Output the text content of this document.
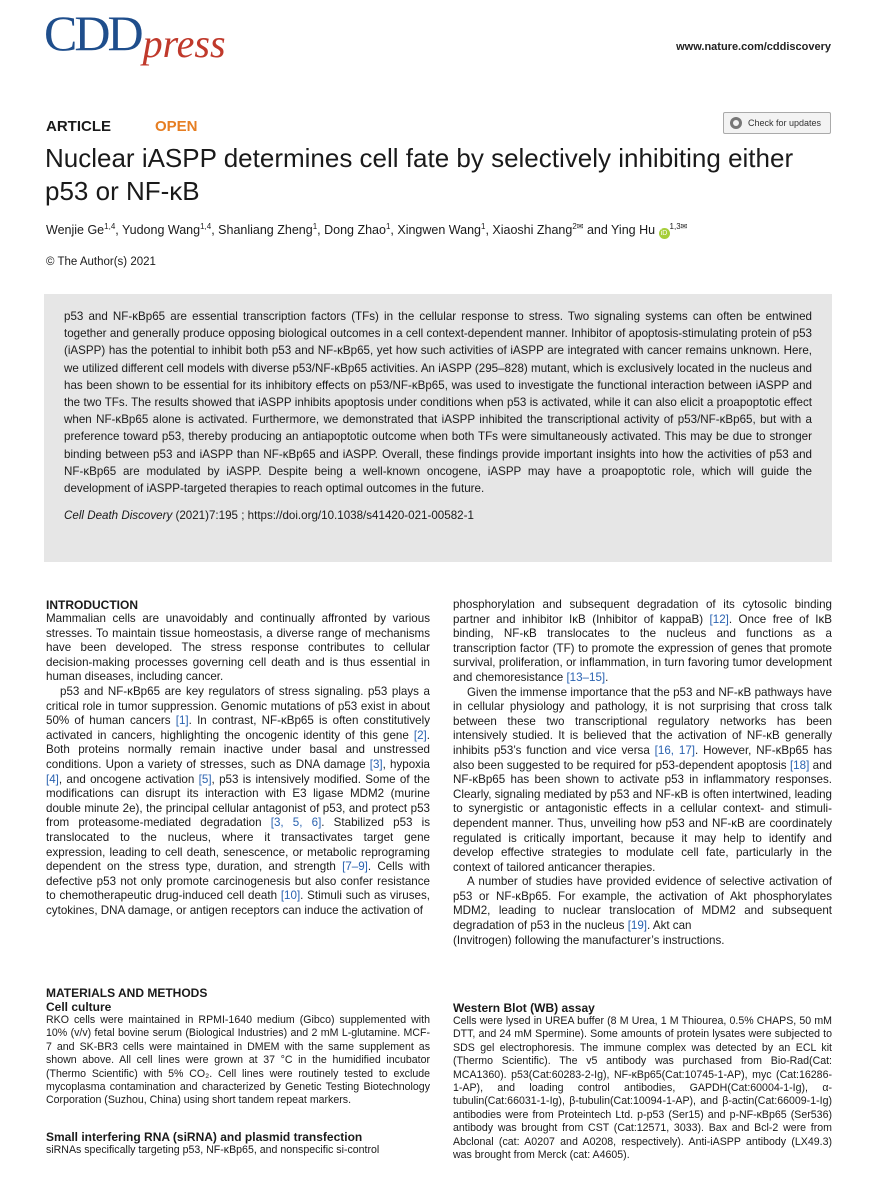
CDD press	www.nature.com/cddiscovery
ARTICLE	OPEN	Check for updates
Nuclear iASPP determines cell fate by selectively inhibiting either p53 or NF-κB
Wenjie Ge$^{1,4}$, Yudong Wang$^{1,4}$, Shanliang Zheng$^1$, Dong Zhao$^1$, Xingwen Wang$^1$, Xiaoshi Zhang$^{2✉}$ and Ying Hu $iD^{1,3✉}$
© The Author(s) 2021

p53 and NF-κBp65 are essential transcription factors (TFs) in the cellular response to stress. Two signaling systems can often be entwined together and generally produce opposing biological outcomes in a cell context-dependent manner. Inhibitor of apoptosis-stimulating protein of p53 (iASPP) has the potential to inhibit both p53 and NF-κBp65, yet how such activities of iASPP are integrated with cancer remains unknown. Here, we utilized different cell models with diverse p53/NF-κBp65 activities. An iASPP (295–828) mutant, which is exclusively located in the nucleus and has been shown to be essential for its inhibitory effects on p53/NF-κBp65, was used to investigate the functional interaction between iASPP and the two TFs. The results showed that iASPP inhibits apoptosis under conditions when p53 is activated, while it can also elicit a proapoptotic effect when NF-κBp65 alone is activated. Furthermore, we demonstrated that iASPP inhibited the transcriptional activity of p53/NF-κBp65, but with a preference toward p53, thereby producing an antiapoptotic outcome when both TFs were simultaneously activated. This may be due to stronger binding between p53 and iASPP than NF-κBp65 and iASPP. Overall, these findings provide important insights into how the activities of p53 and NF-κBp65 are modulated by iASPP. Despite being a well-known oncogene, iASPP may have a proapoptotic role, which will guide the development of iASPP-targeted therapies to reach optimal outcomes in the future.

Cell Death Discovery (2021)7:195 ; https://doi.org/10.1038/s41420-021-00582-1

INTRODUCTION

Mammalian cells are unavoidably and continually affronted by various stresses. To maintain tissue homeostasis, a diverse range of mechanisms have been developed. The stress response contributes to cellular decision-making processes governing cell death and is thus essential in human diseases, including cancer.

p53 and NF-κBp65 are key regulators of stress signaling. p53 plays a critical role in tumor suppression. Genomic mutations of p53 exist in about 50% of human cancers [1]. In contrast, NF-κBp65 is often constitutively activated in cancers, highlighting the oncogenic identity of this gene [2]. Both proteins normally remain inactive under basal and unstressed conditions. Upon a variety of stresses, such as DNA damage [3], hypoxia [4], and oncogene activation [5], p53 is intensively modified. Some of the modifications can disrupt its interaction with E3 ligase MDM2 (murine double minute 2e), the principal cellular antagonist of p53, and protect p53 from proteasome-mediated degradation [3, 5, 6]. Stabilized p53 is translocated to the nucleus, where it transactivates target gene expression, leading to cell death, senescence, or metabolic reprograming dependent on the stress type, duration, and strength [7–9]. Cells with defective p53 not only promote carcinogenesis but also confer resistance to chemotherapeutic drug-induced cell death [10]. Stimuli such as viruses, cytokines, DNA damage, or antigen receptors can induce the activation of

MATERIALS AND METHODS
Cell culture

RKO cells were maintained in RPMI-1640 medium (Gibco) supplemented with 10% (v/v) fetal bovine serum (Biological Industries) and 2 mM L-glutamine. MCF-7 and SK-BR3 cells were maintained in DMEM with the same supplement as shown above. All cell lines were grown at 37 °C in the humidified incubator (Thermo Scientific) with 5% CO₂. Cell lines were routinely tested to exclude mycoplasma contamination and characterized by Genetic Testing Biotechnology Corporation (Suzhou, China) using short tandem repeat markers.

Small interfering RNA (siRNA) and plasmid transfection

siRNAs specifically targeting p53, NF-κBp65, and nonspecific si-control

phosphorylation and subsequent degradation of its cytosolic binding partner and inhibitor IκB (Inhibitor of kappaB) [12]. Once free of IκB binding, NF-κB translocates to the nucleus and functions as a transcription factor (TF) to promote the expression of genes that promote survival, proliferation, or inflammation, in turn favoring tumor development and chemoresistance [13–15].

Given the immense importance that the p53 and NF-κB pathways have in cellular physiology and pathology, it is not surprising that cross talk between these two transcriptional regulatory networks has been intensively studied. It is believed that the activation of NF-κB generally inhibits p53’s function and vice versa [16, 17]. However, NF-κBp65 has also been suggested to be required for p53-dependent apoptosis [18] and NF-κBp65 has been shown to activate p53 in inflammatory responses. Clearly, signaling mediated by p53 and NF-κB is often intertwined, leading to synergistic or antagonistic effects in a cellular context- and stimuli-dependent manner. Thus, unveiling how p53 and NF-κB are coordinately regulated is critically important, because it may help to identify and develop effective strategies to modulate cell fate, particularly in the context of tailored anticancer therapies.

A number of studies have provided evidence of selective activation of p53 or NF-κBp65. For example, the activation of Akt phosphorylates MDM2, leading to nuclear translocation of MDM2 and subsequent degradation of p53 in the nucleus [19]. Akt can

(Invitrogen) following the manufacturer’s instructions.

Western Blot (WB) assay

Cells were lysed in UREA buffer (8 M Urea, 1 M Thiourea, 0.5% CHAPS, 50 mM DTT, and 24 mM Spermine). Some amounts of protein lysates were subjected to SDS gel electrophoresis. The immune complex was detected by an ECL kit (Thermo Scientific). The v5 antibody was purchased from Bio-Rad(Cat: MCA1360). p53(Cat:60283-2-Ig), NF-κBp65(Cat:10745-1-AP), myc (Cat:16286-1-AP), and loading control antibodies, GAPDH(Cat:60004-1-Ig), α-tubulin(Cat:66031-1-Ig), β-tubulin(Cat:10094-1-AP), and β-actin(Cat:66009-1-Ig) antibodies were from Proteintech Ltd. p-p53 (Ser15) and p-NF-κBp65 (Ser536) antibody was brought from CST (Cat:12571, 3033). Bax and Bcl-2 were from Abclonal (cat: A0207 and A0208, respectively). Anti-iASPP antibody (LX49.3) was brought from Merck (cat: A4605).
